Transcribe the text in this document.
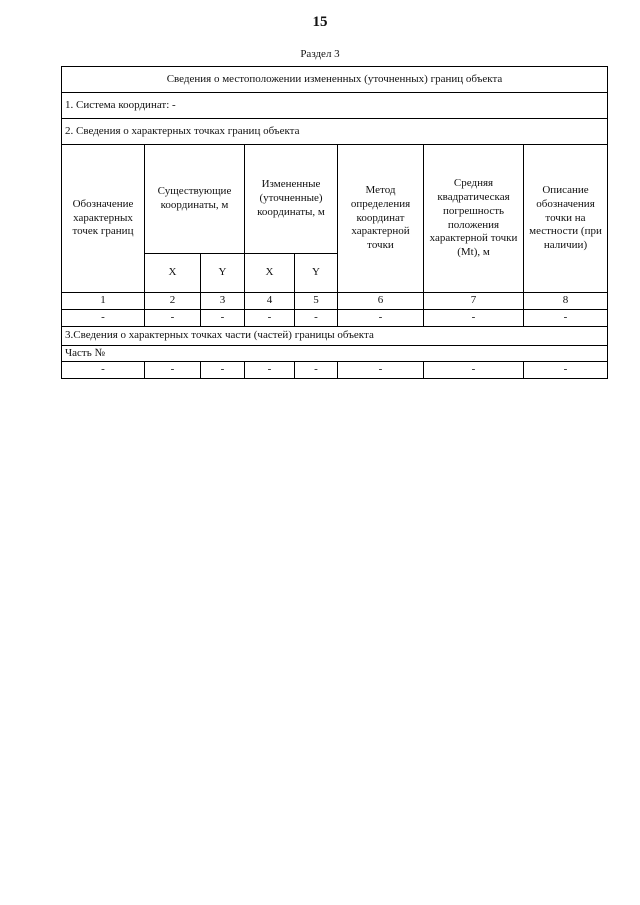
15
Раздел 3
Сведения о местоположении измененных (уточненных) границ объекта							
1. Система координат: -							
2. Сведения о характерных точках границ объекта							
Обозначение характерных точек границ	Существующие координаты, м		Измененные (уточненные) координаты, м		Метод определения координат характерной точки	Средняя квадратическая погрешность положения характерной точки (Mt), м	Описание обозначения точки на местности (при наличии)
	X	Y	X	Y			
1	2	3	4	5	6	7	8
-	-	-	-	-	-	-	-
3.Сведения о характерных точках части (частей) границы объекта							
Часть №							
-	-	-	-	-	-	-	-
